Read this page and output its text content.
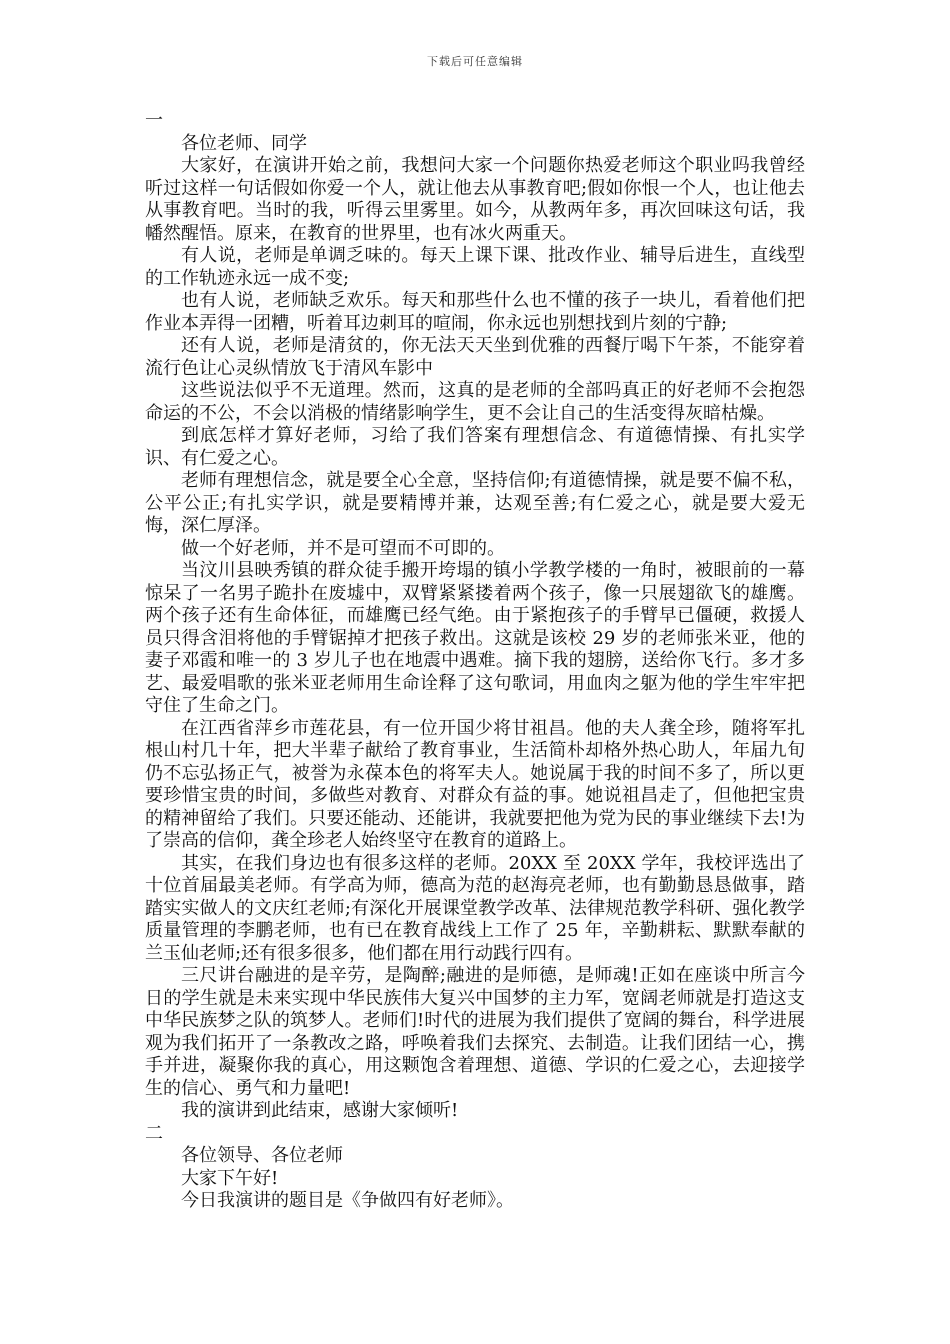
下载后可任意编辑

一

各位老师、同学

大家好，在演讲开始之前，我想问大家一个问题你热爱老师这个职业吗我曾经听过这样一句话假如你爱一个人，就让他去从事教育吧;假如你恨一个人，也让他去从事教育吧。当时的我，听得云里雾里。如今，从教两年多，再次回味这句话，我幡然醒悟。原来，在教育的世界里，也有冰火两重天。

有人说，老师是单调乏味的。每天上课下课、批改作业、辅导后进生，直线型的工作轨迹永远一成不变;

也有人说，老师缺乏欢乐。每天和那些什么也不懂的孩子一块儿，看着他们把作业本弄得一团糟，听着耳边刺耳的喧闹，你永远也别想找到片刻的宁静;

还有人说，老师是清贫的，你无法天天坐到优雅的西餐厅喝下午茶，不能穿着流行色让心灵纵情放飞于清风车影中

这些说法似乎不无道理。然而，这真的是老师的全部吗真正的好老师不会抱怨命运的不公，不会以消极的情绪影响学生，更不会让自己的生活变得灰暗枯燥。

到底怎样才算好老师，习给了我们答案有理想信念、有道德情操、有扎实学识、有仁爱之心。

老师有理想信念，就是要全心全意，坚持信仰;有道德情操，就是要不偏不私，公平公正;有扎实学识，就是要精博并兼，达观至善;有仁爱之心，就是要大爱无悔，深仁厚泽。

做一个好老师，并不是可望而不可即的。

当汶川县映秀镇的群众徒手搬开垮塌的镇小学教学楼的一角时，被眼前的一幕惊呆了一名男子跪扑在废墟中，双臂紧紧搂着两个孩子，像一只展翅欲飞的雄鹰。两个孩子还有生命体征，而雄鹰已经气绝。由于紧抱孩子的手臂早已僵硬，救援人员只得含泪将他的手臂锯掉才把孩子救出。这就是该校 29 岁的老师张米亚，他的妻子邓霞和唯一的 3 岁儿子也在地震中遇难。摘下我的翅膀，送给你飞行。多才多艺、最爱唱歌的张米亚老师用生命诠释了这句歌词，用血肉之躯为他的学生牢牢把守住了生命之门。

在江西省萍乡市莲花县，有一位开国少将甘祖昌。他的夫人龚全珍，随将军扎根山村几十年，把大半辈子献给了教育事业，生活简朴却格外热心助人，年届九旬仍不忘弘扬正气，被誉为永葆本色的将军夫人。她说属于我的时间不多了，所以更要珍惜宝贵的时间，多做些对教育、对群众有益的事。她说祖昌走了，但他把宝贵的精神留给了我们。只要还能动、还能讲，我就要把他为党为民的事业继续下去!为了崇高的信仰，龚全珍老人始终坚守在教育的道路上。

其实，在我们身边也有很多这样的老师。20XX 至 20XX 学年，我校评选出了十位首届最美老师。有学高为师，德高为范的赵海亮老师，也有勤勤恳恳做事，踏踏实实做人的文庆红老师;有深化开展课堂教学改革、法律规范教学科研、强化教学质量管理的李鹏老师，也有已在教育战线上工作了 25 年，辛勤耕耘、默默奉献的兰玉仙老师;还有很多很多，他们都在用行动践行四有。

三尺讲台融进的是辛劳，是陶醉;融进的是师德，是师魂!正如在座谈中所言今日的学生就是未来实现中华民族伟大复兴中国梦的主力军，宽阔老师就是打造这支中华民族梦之队的筑梦人。老师们!时代的进展为我们提供了宽阔的舞台，科学进展观为我们拓开了一条教改之路，呼唤着我们去探究、去制造。让我们团结一心，携手并进，凝聚你我的真心，用这颗饱含着理想、道德、学识的仁爱之心，去迎接学生的信心、勇气和力量吧!

我的演讲到此结束，感谢大家倾听!

二

各位领导、各位老师

大家下午好!

今日我演讲的题目是《争做四有好老师》。
